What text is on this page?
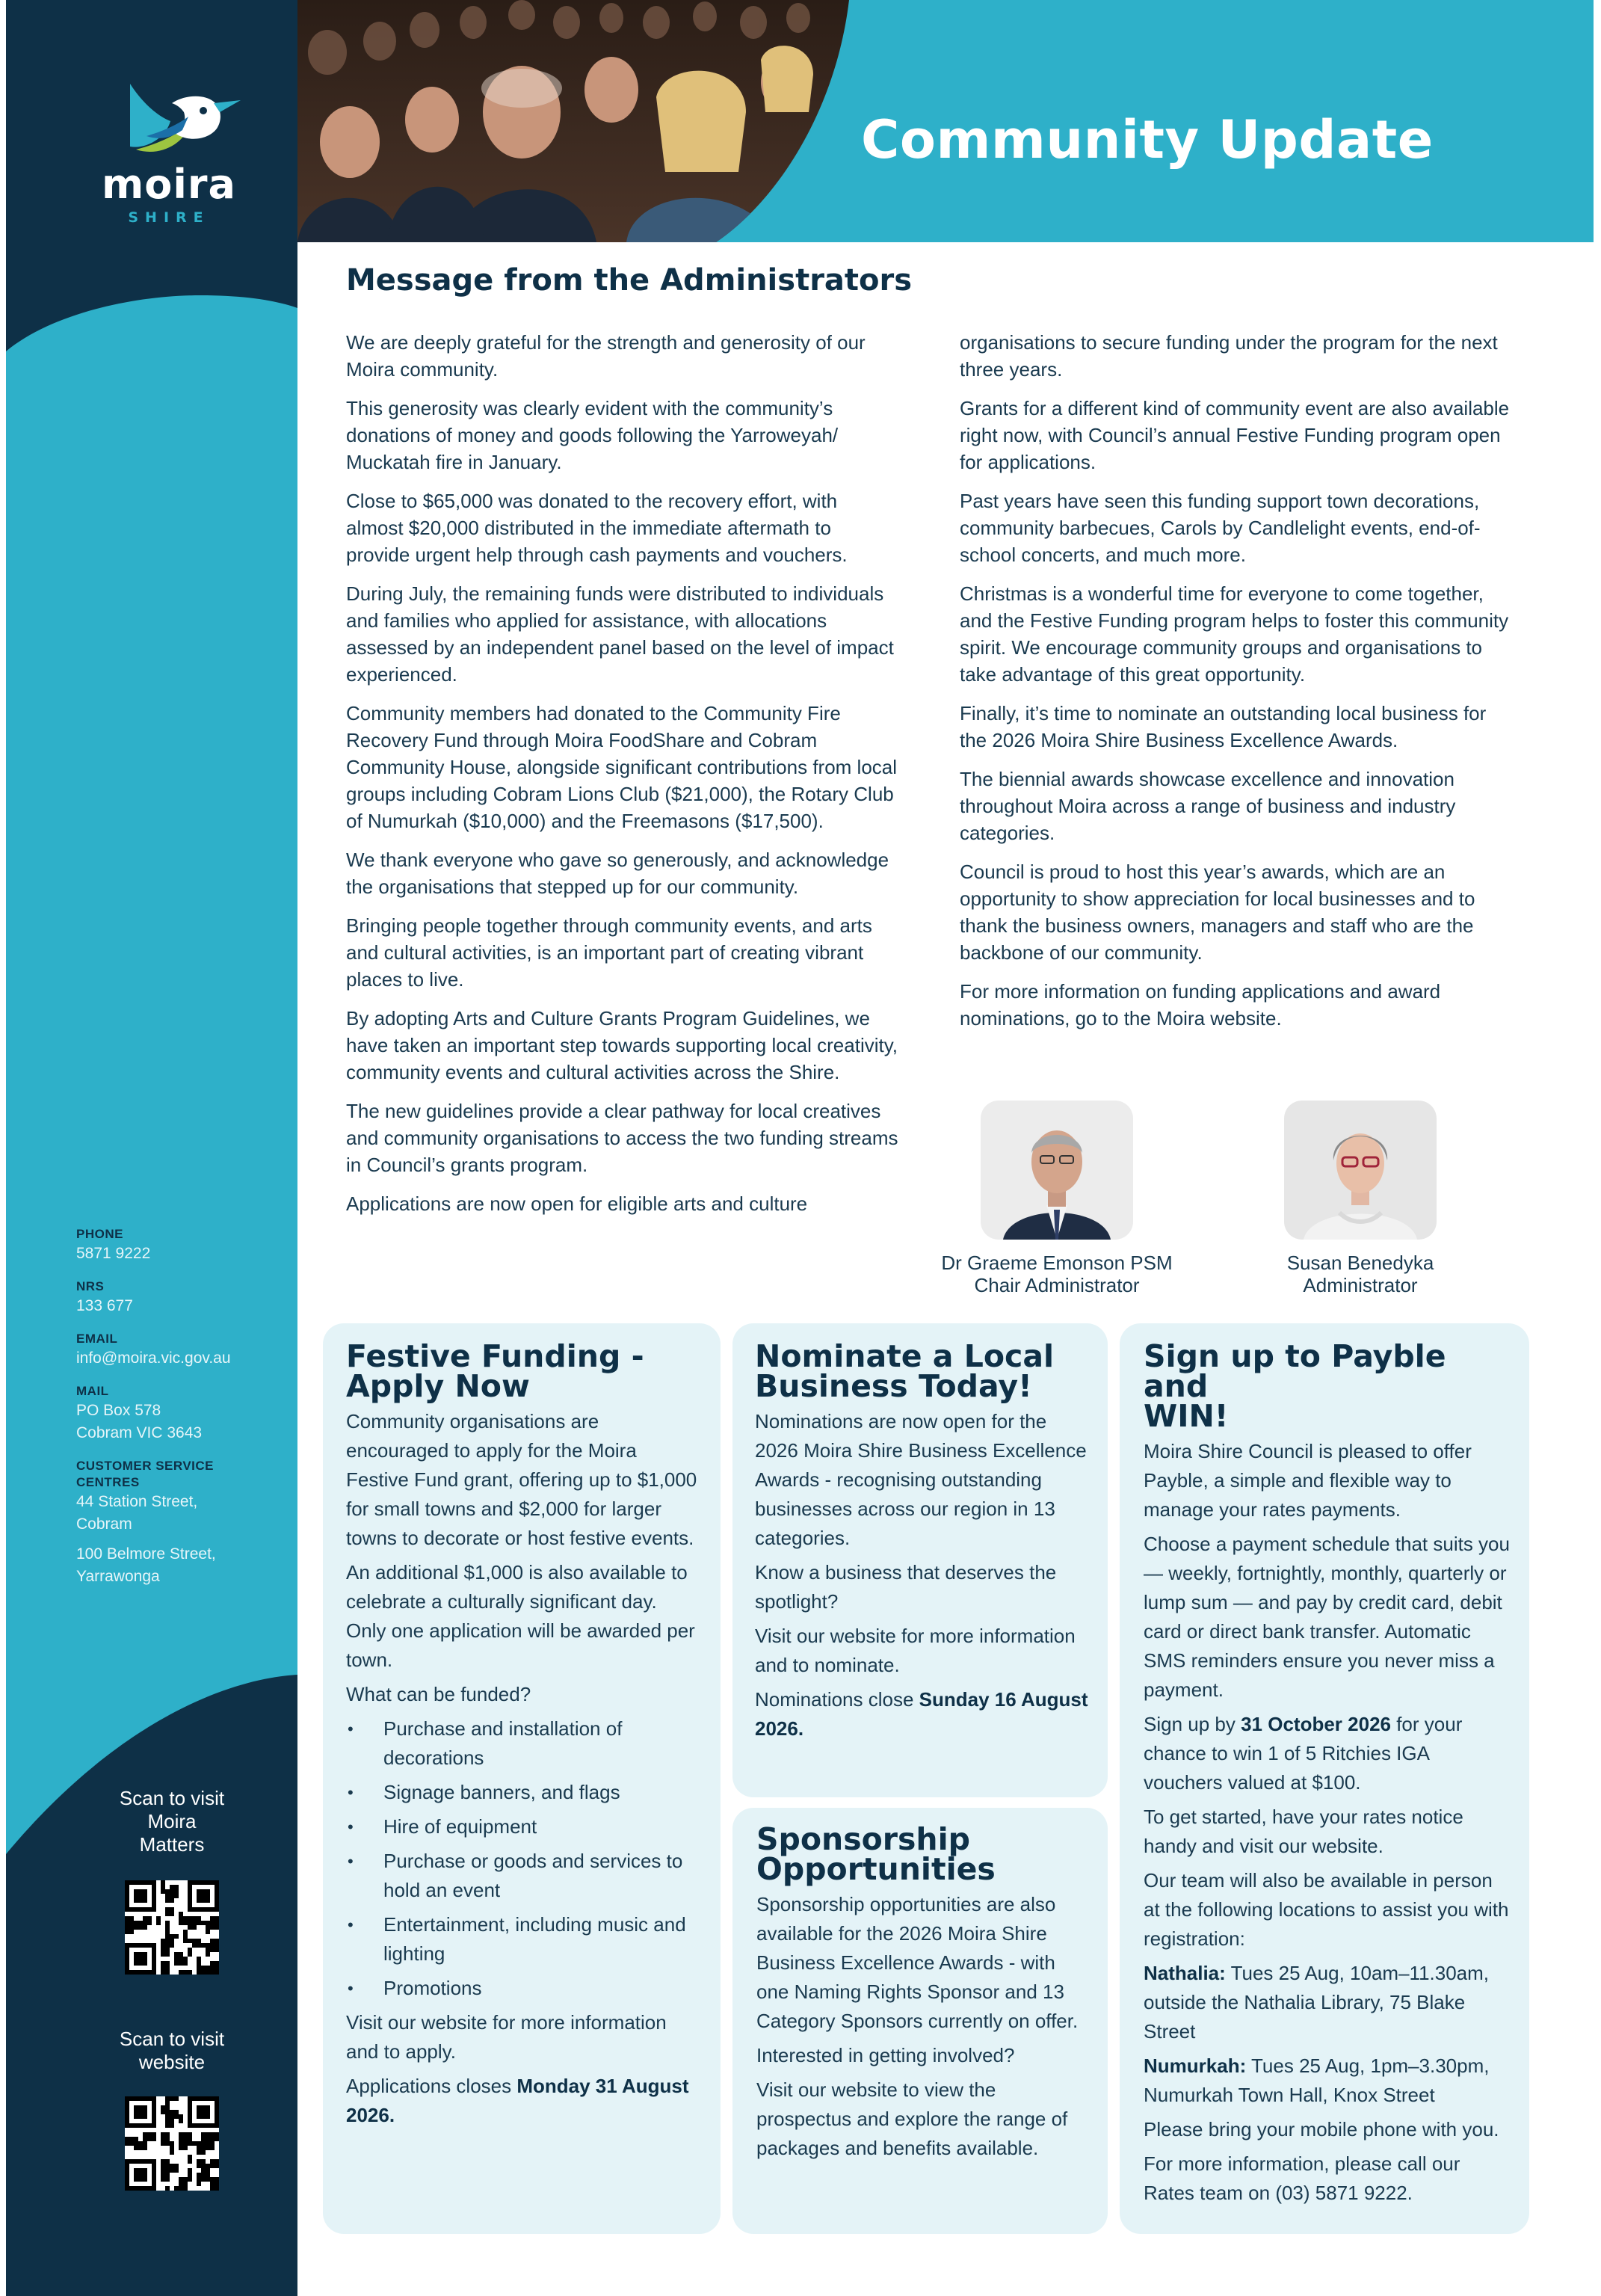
moira
SHIRE
PHONE
5871 9222
NRS
133 677
EMAIL
info@moira.vic.gov.au
MAIL
PO Box 578
Cobram VIC 3643
CUSTOMER SERVICE CENTRES
44 Station Street, Cobram
100 Belmore Street, Yarrawonga
Scan to visit Moira Matters
Scan to visit website
Community Update
Message from the Administrators

We are deeply grateful for the strength and generosity of our Moira community.

This generosity was clearly evident with the community’s donations of money and goods following the Yarroweyah/ Muckatah fire in January.

Close to $65,000 was donated to the recovery effort, with almost $20,000 distributed in the immediate aftermath to provide urgent help through cash payments and vouchers.

During July, the remaining funds were distributed to individuals and families who applied for assistance, with allocations assessed by an independent panel based on the level of impact experienced.

Community members had donated to the Community Fire Recovery Fund through Moira FoodShare and Cobram Community House, alongside significant contributions from local groups including Cobram Lions Club ($21,000), the Rotary Club of Numurkah ($10,000) and the Freemasons ($17,500).

We thank everyone who gave so generously, and acknowledge the organisations that stepped up for our community.

Bringing people together through community events, and arts and cultural activities, is an important part of creating vibrant places to live.

By adopting Arts and Culture Grants Program Guidelines, we have taken an important step towards supporting local creativity, community events and cultural activities across the Shire.

The new guidelines provide a clear pathway for local creatives and community organisations to access the two funding streams in Council’s grants program.

Applications are now open for eligible arts and culture

organisations to secure funding under the program for the next three years.

Grants for a different kind of community event are also available right now, with Council’s annual Festive Funding program open for applications.

Past years have seen this funding support town decorations, community barbecues, Carols by Candlelight events, end-of-school concerts, and much more.

Christmas is a wonderful time for everyone to come together, and the Festive Funding program helps to foster this community spirit. We encourage community groups and organisations to take advantage of this great opportunity.

Finally, it’s time to nominate an outstanding local business for the 2026 Moira Shire Business Excellence Awards.

The biennial awards showcase excellence and innovation throughout Moira across a range of business and industry categories.

Council is proud to host this year’s awards, which are an opportunity to show appreciation for local businesses and to thank the business owners, managers and staff who are the backbone of our community.

For more information on funding applications and award nominations, go to the Moira website.

Dr Graeme Emonson PSM
Chair Administrator
Susan Benedyka
Administrator
Festive Funding -
Apply Now

Community organisations are encouraged to apply for the Moira Festive Fund grant, offering up to $1,000 for small towns and $2,000 for larger towns to decorate or host festive events.

An additional $1,000 is also available to celebrate a culturally significant day. Only one application will be awarded per town.

What can be funded?

• Purchase and installation of decorations
• Signage banners, and flags
• Hire of equipment
• Purchase or goods and services to hold an event
• Entertainment, including music and lighting
• Promotions

Visit our website for more information and to apply.

Applications closes Monday 31 August 2026.

Nominate a Local
Business Today!

Nominations are now open for the 2026 Moira Shire Business Excellence Awards - recognising outstanding businesses across our region in 13 categories.

Know a business that deserves the spotlight?

Visit our website for more information and to nominate.

Nominations close Sunday 16 August 2026.

Sponsorship
Opportunities

Sponsorship opportunities are also available for the 2026 Moira Shire Business Excellence Awards - with one Naming Rights Sponsor and 13 Category Sponsors currently on offer.

Interested in getting involved?

Visit our website to view the prospectus and explore the range of packages and benefits available.

Sign up to Payble and
WIN!

Moira Shire Council is pleased to offer Payble, a simple and flexible way to manage your rates payments.

Choose a payment schedule that suits you — weekly, fortnightly, monthly, quarterly or lump sum — and pay by credit card, debit card or direct bank transfer. Automatic SMS reminders ensure you never miss a payment.

Sign up by 31 October 2026 for your chance to win 1 of 5 Ritchies IGA vouchers valued at $100.

To get started, have your rates notice handy and visit our website.

Our team will also be available in person at the following locations to assist you with registration:

Nathalia: Tues 25 Aug, 10am–11.30am, outside the Nathalia Library, 75 Blake Street

Numurkah: Tues 25 Aug, 1pm–3.30pm, Numurkah Town Hall, Knox Street

Please bring your mobile phone with you.

For more information, please call our Rates team on (03) 5871 9222.
